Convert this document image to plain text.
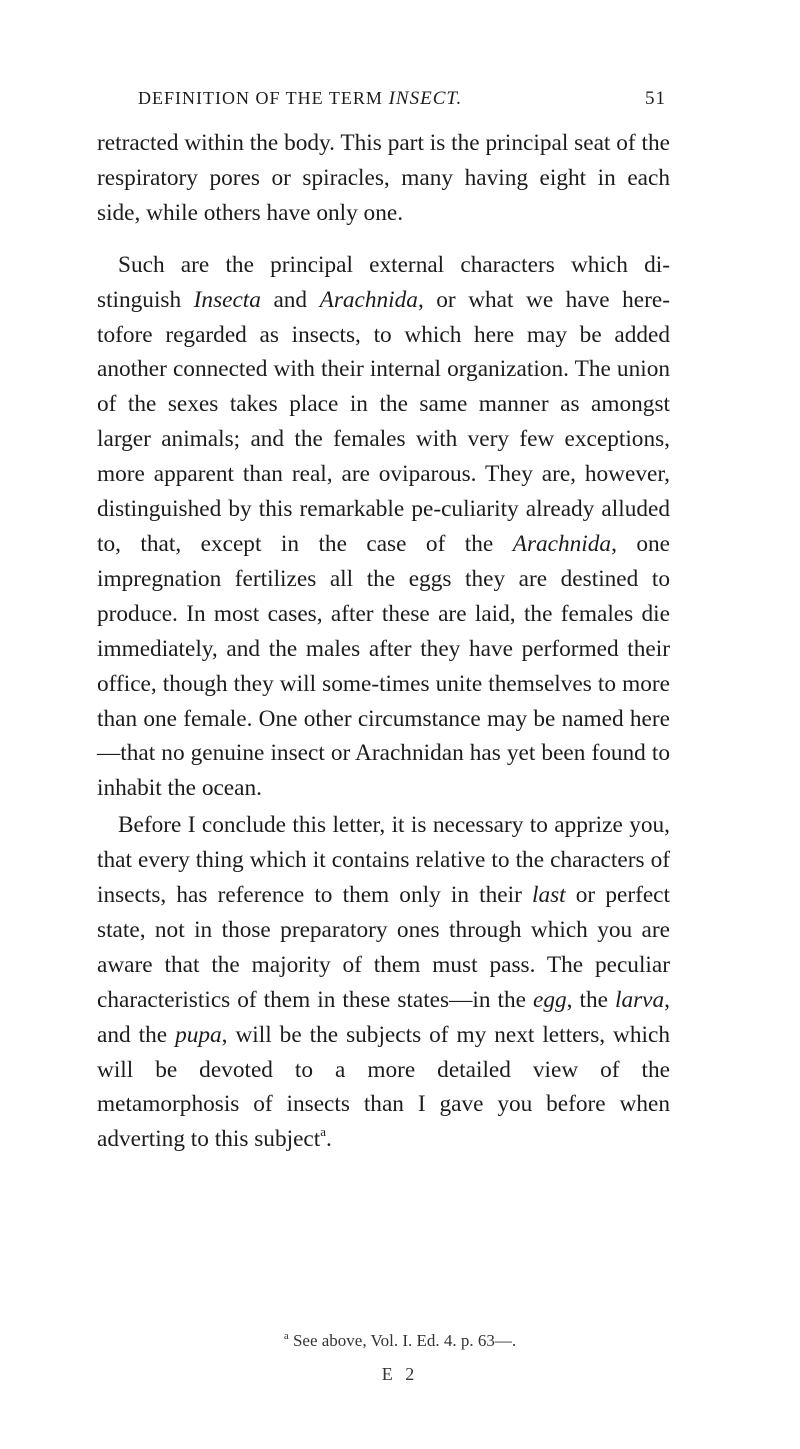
DEFINITION OF THE TERM INSECT.	51

retracted within the body. This part is the principal seat of the respiratory pores or spiracles, many having eight in each side, while others have only one.

Such are the principal external characters which di-stinguish Insecta and Arachnida, or what we have here-tofore regarded as insects, to which here may be added another connected with their internal organization. The union of the sexes takes place in the same manner as amongst larger animals; and the females with very few exceptions, more apparent than real, are oviparous. They are, however, distinguished by this remarkable pe-culiarity already alluded to, that, except in the case of the Arachnida, one impregnation fertilizes all the eggs they are destined to produce. In most cases, after these are laid, the females die immediately, and the males after they have performed their office, though they will some-times unite themselves to more than one female. One other circumstance may be named here—that no genuine insect or Arachnidan has yet been found to inhabit the ocean.

Before I conclude this letter, it is necessary to apprize you, that every thing which it contains relative to the characters of insects, has reference to them only in their last or perfect state, not in those preparatory ones through which you are aware that the majority of them must pass. The peculiar characteristics of them in these states—in the egg, the larva, and the pupa, will be the subjects of my next letters, which will be devoted to a more detailed view of the metamorphosis of insects than I gave you before when adverting to this subject$^a$.

$^a$ See above, Vol. I. Ed. 4. p. 63—.
E 2
